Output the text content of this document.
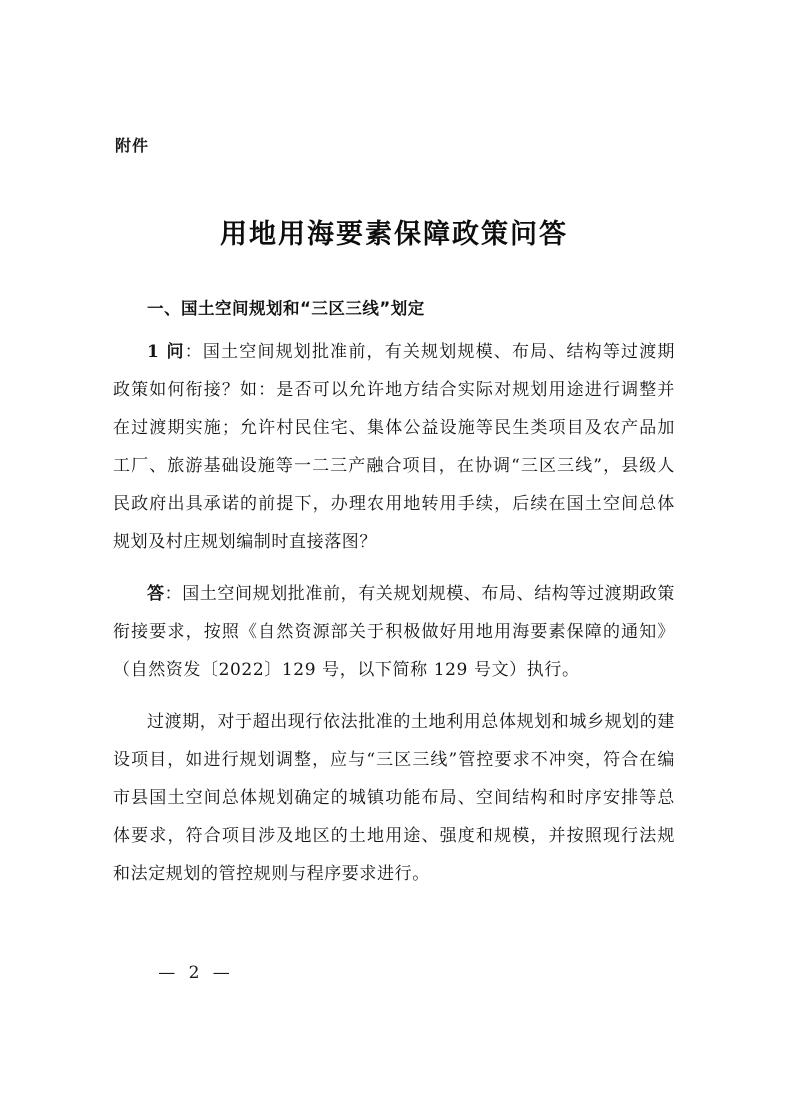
附件
用地用海要素保障政策问答
一、国土空间规划和“三区三线”划定

1 问：国土空间规划批准前，有关规划规模、布局、结构等过渡期政策如何衔接？如：是否可以允许地方结合实际对规划用途进行调整并在过渡期实施；允许村民住宅、集体公益设施等民生类项目及农产品加工厂、旅游基础设施等一二三产融合项目，在协调“三区三线”，县级人民政府出具承诺的前提下，办理农用地转用手续，后续在国土空间总体规划及村庄规划编制时直接落图？

答：国土空间规划批准前，有关规划规模、布局、结构等过渡期政策衔接要求，按照《自然资源部关于积极做好用地用海要素保障的通知》（自然资发〔2022〕129 号，以下简称 129 号文）执行。

过渡期，对于超出现行依法批准的土地利用总体规划和城乡规划的建设项目，如进行规划调整，应与“三区三线”管控要求不冲突，符合在编市县国土空间总体规划确定的城镇功能布局、空间结构和时序安排等总体要求，符合项目涉及地区的土地用途、强度和规模，并按照现行法规和法定规划的管控规则与程序要求进行。

— 2 —
